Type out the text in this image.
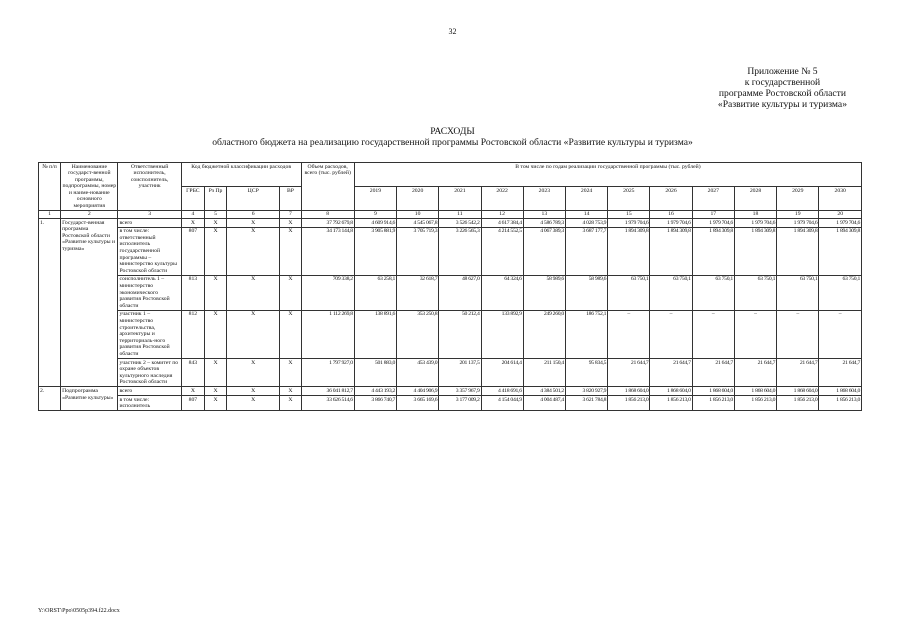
32
Приложение № 5
к государственной
программе Ростовской области
«Развитие культуры и туризма»
РАСХОДЫ
областного бюджета на реализацию государственной программы Ростовской области «Развитие культуры и туризма»
№ п/п	Наименование государст-венной программы, подпрограммы, номер и наиме-нование основного мероприятия	Ответственный исполнитель, соисполнитель, участник	Код бюджетной классификации расходов				Объем расходов, всего (тыс. рублей)	В том числе по годам реализации государственной программы (тыс. рублей)											
			ГРБС	Рз Пр	ЦСР	ВР		2019	2020	2021	2022	2023	2024	2025	2026	2027	2028	2029	2030
1	2	3	4	5	6	7	8	9	10	11	12	13	14	15	16	17	18	19	20
1.	Государст-венная программа Ростовской области «Развитие культуры и туризма»	всего	X	X	X	X	37 792 679,8	4 609 914,6	4 545 067,8	3 526 542,2	4 617 384,4	4 586 789,3	4 028 753,9	1 979 704,6	1 979 704,6	1 979 704,6	1 979 704,6	1 979 704,6	1 979 704,6
		в том числе: ответственный исполнитель государственной программы – министерство культуры Ростовской области	807	X	X	X	34 173 144,8	3 905 881,9	3 705 719,3	3 226 565,3	4 214 552,5	4 067 389,3	3 687 177,7	1 894 309,8	1 894 309,8	1 894 309,8	1 894 309,8	1 894 309,8	1 894 309,8
		соисполнитель 1 – министерство экономического развития Ростовской области	813	X	X	X	709 338,2	63 258,1	32 618,7	48 627,0	64 324,6	58 989,6	58 989,6	63 750,1	63 750,1	63 750,1	63 750,1	63 750,1	63 750,1
		участник 1 – министерство строительства, архитектуры и территориаль-ного развития Ростовской области	812	X	X	X	1 112 269,8	138 891,6	353 250,8	50 212,4	133 892,9	249 260,0	186 752,1	–	–	–	–	–	–
		участник 2 – комитет по охране объектов культурного наследия Ростовской области	843	X	X	X	1 797 927,0	501 883,0	453 439,0	201 137,5	204 614,4	211 150,4	95 834,5	21 644,7	21 644,7	21 644,7	21 644,7	21 644,7	21 644,7
2.	Подпрограмма «Развитие культуры»	всего	X	X	X	X	36 041 812,7	4 443 193,2	4 404 906,9	3 357 967,9	4 418 691,6	4 384 501,2	3 820 927,9	1 868 604,0	1 868 604,0	1 868 604,0	1 868 604,0	1 868 604,0	1 868 604,0
		в том числе: исполнитель	807	X	X	X	33 626 514,6	3 866 740,7	3 665 169,6	3 177 009,2	4 154 044,9	4 004 487,4	3 621 784,8	1 856 213,0	1 856 213,0	1 856 213,0	1 856 213,0	1 856 213,0	1 856 213,0
Y:\ORST\Ppo\0505p394.f22.docx
